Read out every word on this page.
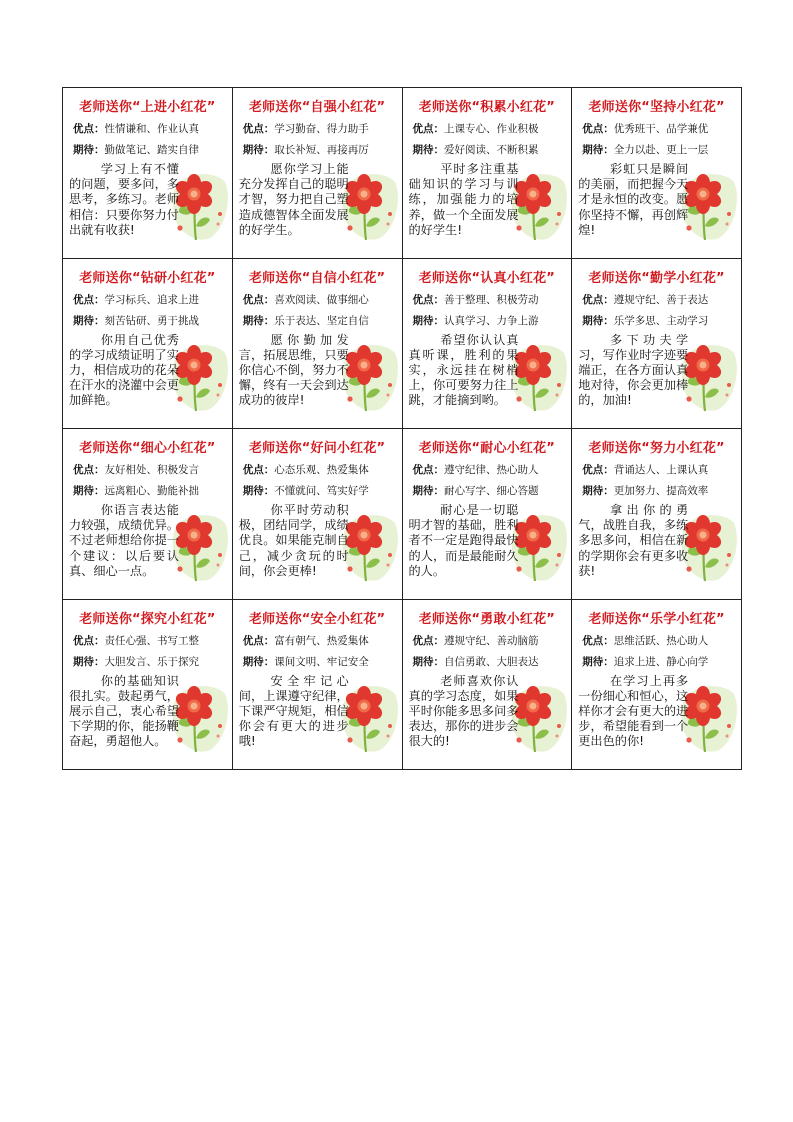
老师送你“上进小红花”
优点：性情谦和、作业认真
期待：勤做笔记、踏实自律
学习上有不懂的问题，要多问，多思考，多练习。老师相信：只要你努力付出就有收获!
老师送你“自强小红花”
优点：学习勤奋、得力助手
期待：取长补短、再接再厉
愿你学习上能充分发挥自己的聪明才智，努力把自己塑造成德智体全面发展的好学生。
老师送你“积累小红花”
优点：上课专心、作业积极
期待：爱好阅读、不断积累
平时多注重基础知识的学习与训练，加强能力的培养，做一个全面发展的好学生!
老师送你“坚持小红花”
优点：优秀班干、品学兼优
期待：全力以赴、更上一层
彩虹只是瞬间的美丽，而把握今天才是永恒的改变。愿你坚持不懈，再创辉煌!
老师送你“钻研小红花”
优点：学习标兵、追求上进
期待：刻苦钻研、勇于挑战
你用自己优秀的学习成绩证明了实力，相信成功的花朵在汗水的浇灌中会更加鲜艳。
老师送你“自信小红花”
优点：喜欢阅读、做事细心
期待：乐于表达、坚定自信
愿你勤加发言，拓展思维，只要你信心不倒，努力不懈，终有一天会到达成功的彼岸!
老师送你“认真小红花”
优点：善于整理、积极劳动
期待：认真学习、力争上游
希望你认认真真听课，胜利的果实，永远挂在树梢上，你可要努力往上跳，才能摘到哟。
老师送你“勤学小红花”
优点：遵规守纪、善于表达
期待：乐学多思、主动学习
多下功夫学习，写作业时字迹要端正，在各方面认真地对待，你会更加棒的，加油!
老师送你“细心小红花”
优点：友好相处、积极发言
期待：远离粗心、勤能补拙
你语言表达能力较强，成绩优异。不过老师想给你提一个建议：以后要认真、细心一点。
老师送你“好问小红花”
优点：心态乐观、热爱集体
期待：不懂就问、笃实好学
你平时劳动积极，团结同学，成绩优良。如果能克制自己，减少贪玩的时间，你会更棒!
老师送你“耐心小红花”
优点：遵守纪律、热心助人
期待：耐心写字、细心答题
耐心是一切聪明才智的基础，胜利者不一定是跑得最快的人，而是最能耐久的人。
老师送你“努力小红花”
优点：背诵达人、上课认真
期待：更加努力、提高效率
拿出你的勇气，战胜自我，多练多思多问，相信在新的学期你会有更多收获!
老师送你“探究小红花”
优点：责任心强、书写工整
期待：大胆发言、乐于探究
你的基础知识很扎实。鼓起勇气，展示自己，衷心希望下学期的你，能扬鞭奋起，勇超他人。
老师送你“安全小红花”
优点：富有朝气、热爱集体
期待：课间文明、牢记安全
安全牢记心间，上课遵守纪律，下课严守规矩，相信你会有更大的进步哦!
老师送你“勇敢小红花”
优点：遵规守纪、善动脑筋
期待：自信勇敢、大胆表达
老师喜欢你认真的学习态度，如果平时你能多思多问多表达，那你的进步会很大的!
老师送你“乐学小红花”
优点：思维活跃、热心助人
期待：追求上进、静心向学
在学习上再多一份细心和恒心，这样你才会有更大的进步，希望能看到一个更出色的你!
